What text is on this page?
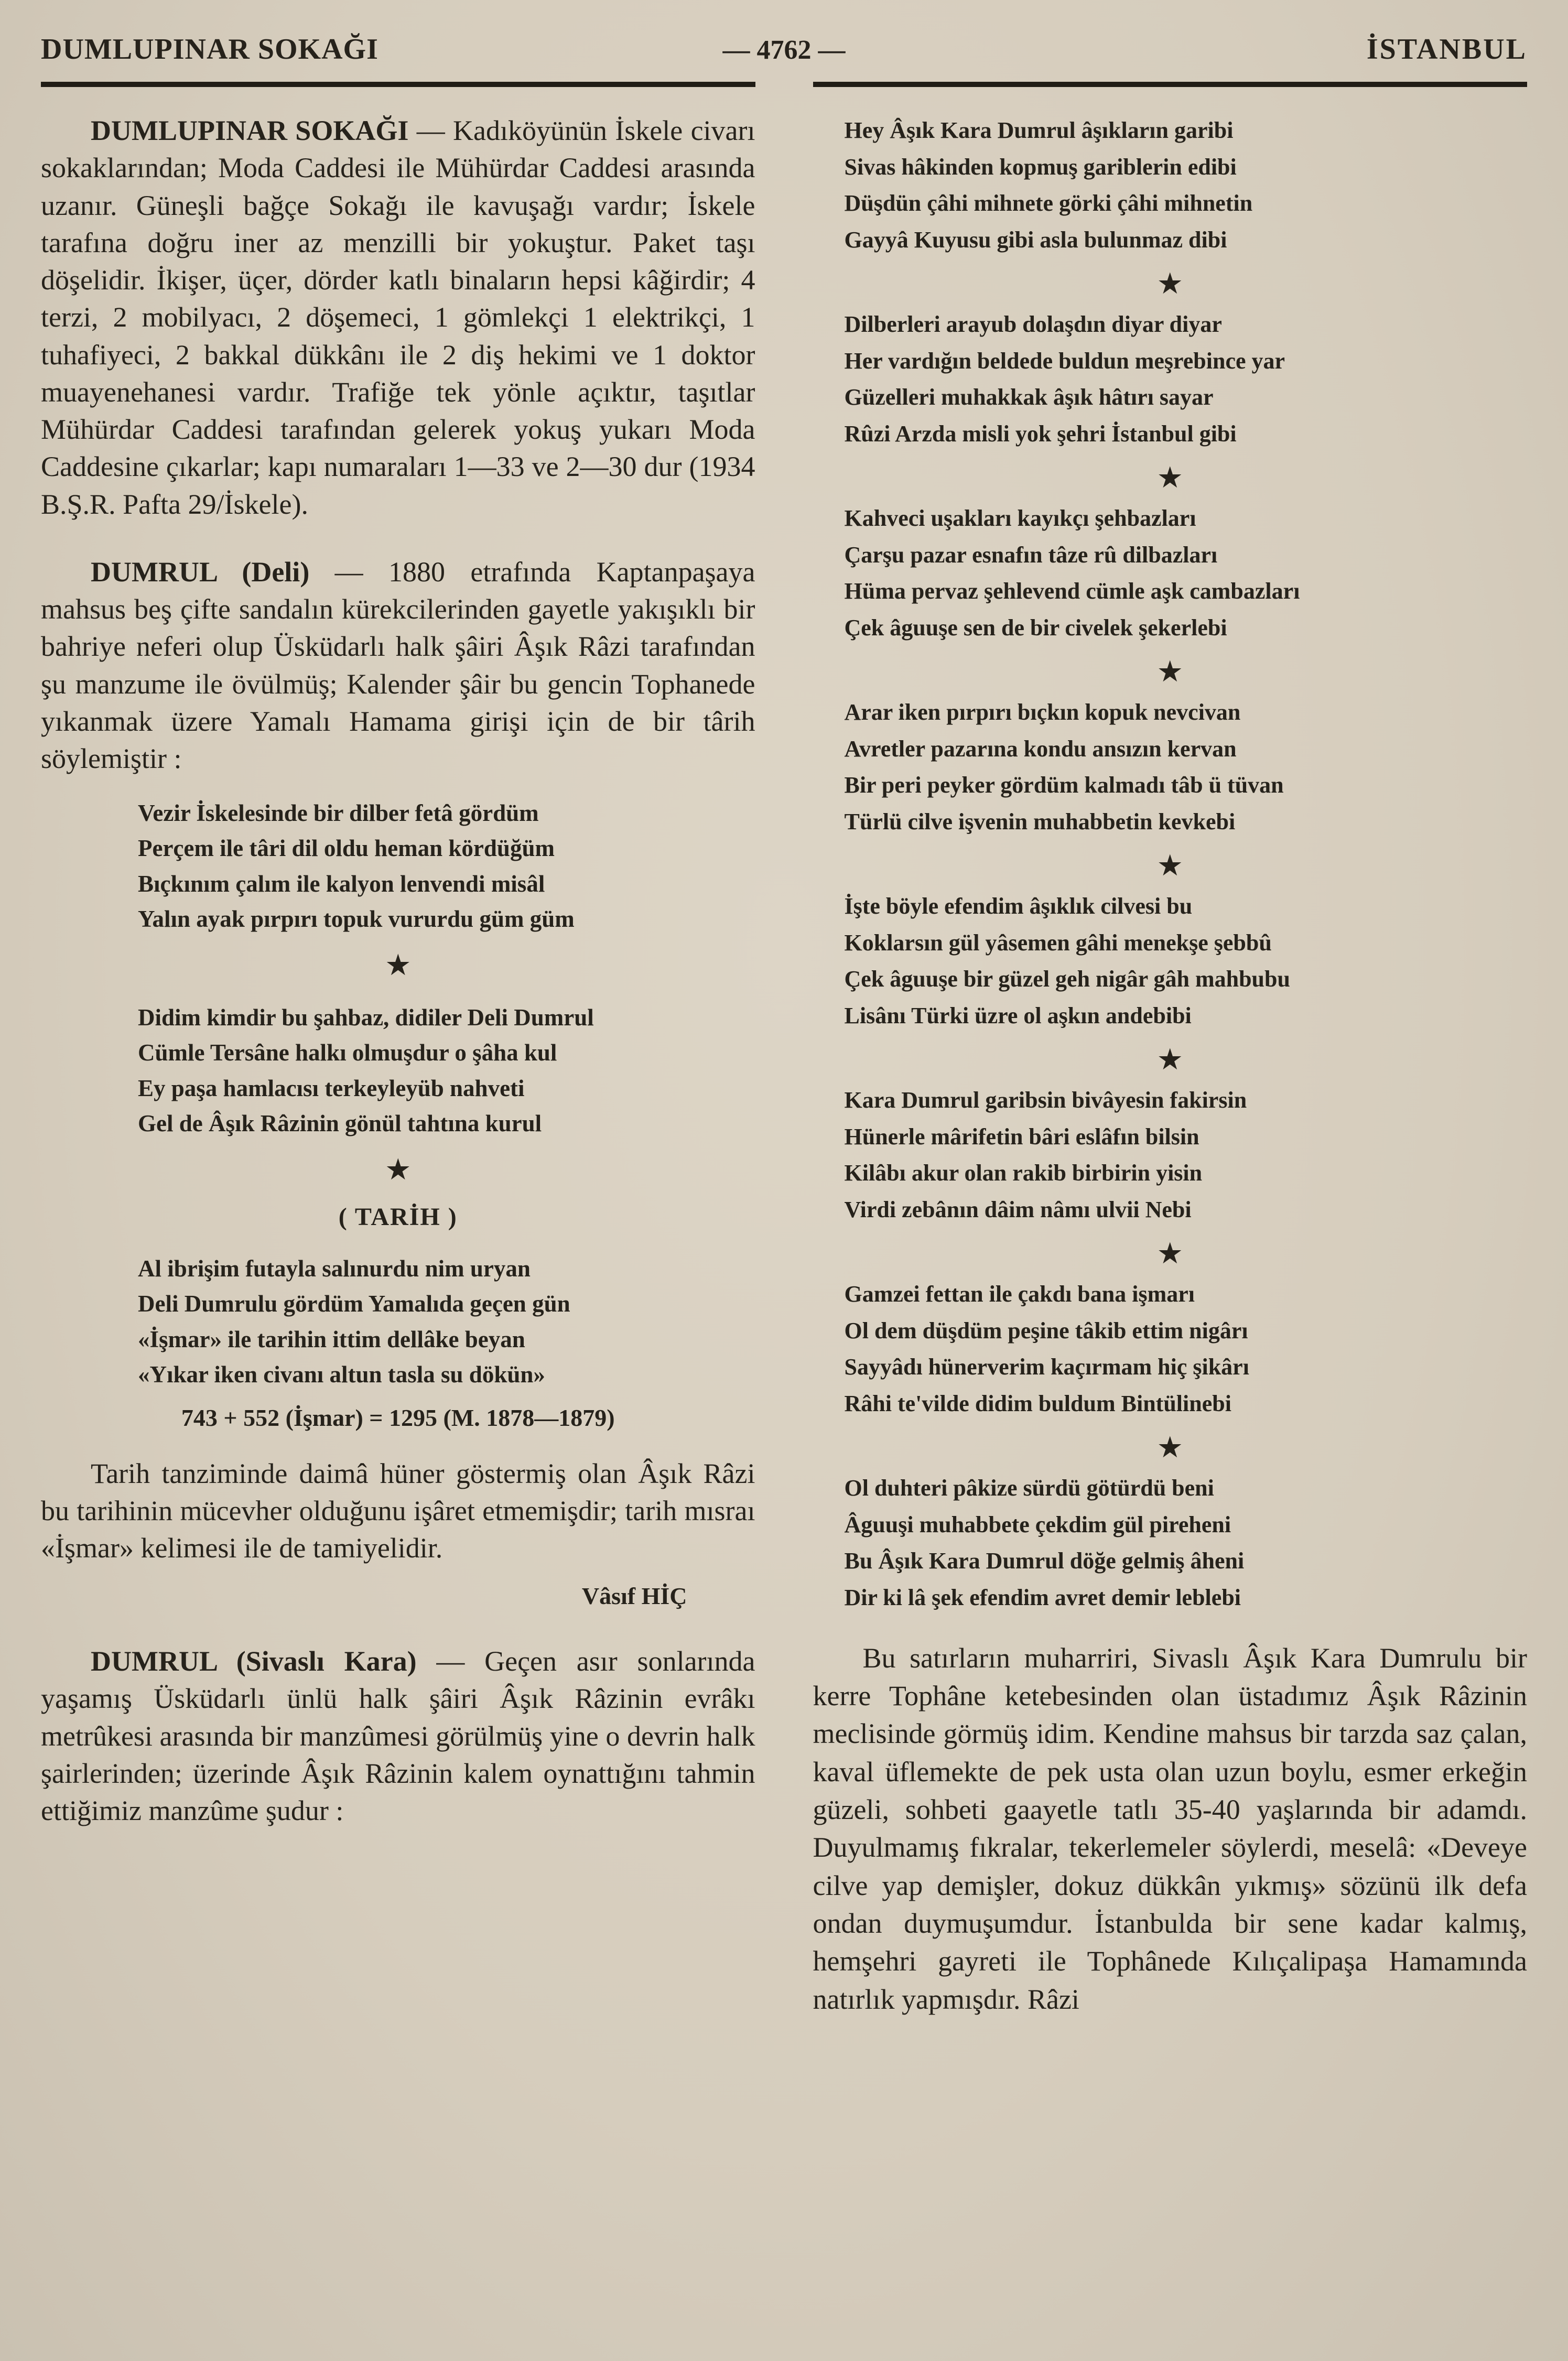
DUMLUPINAR SOKAĞI	— 4762 —	İSTANBUL

DUMLUPINAR SOKAĞI — Kadıköyünün İskele civarı sokaklarından; Moda Caddesi ile Mühürdar Caddesi arasında uzanır. Güneşli bağçe Sokağı ile kavuşağı vardır; İskele tarafına doğru iner az menzilli bir yokuştur. Paket taşı döşelidir. İkişer, üçer, dörder katlı binaların hepsi kâğirdir; 4 terzi, 2 mobilyacı, 2 döşemeci, 1 gömlekçi 1 elektrikçi, 1 tuhafiyeci, 2 bakkal dükkânı ile 2 diş hekimi ve 1 doktor muayenehanesi vardır. Trafiğe tek yönle açıktır, taşıtlar Mühürdar Caddesi tarafından gelerek yokuş yukarı Moda Caddesine çıkarlar; kapı numaraları 1—33 ve 2—30 dur (1934 B.Ş.R. Pafta 29/İskele).

DUMRUL (Deli) — 1880 etrafında Kaptanpaşaya mahsus beş çifte sandalın kürekcilerinden gayetle yakışıklı bir bahriye neferi olup Üsküdarlı halk şâiri Âşık Râzi tarafından şu manzume ile övülmüş; Kalender şâir bu gencin Tophanede yıkanmak üzere Yamalı Hamama girişi için de bir târih söylemiştir :

Vezir İskelesinde bir dilber fetâ gördüm
Perçem ile târi dil oldu heman kördüğüm
Bıçkınım çalım ile kalyon lenvendi misâl
Yalın ayak pırpırı topuk vururdu güm güm
★
Didim kimdir bu şahbaz, didiler Deli Dumrul
Cümle Tersâne halkı olmuşdur o şâha kul
Ey paşa hamlacısı terkeyleyüb nahveti
Gel de Âşık Râzinin gönül tahtına kurul
★
( TARİH )
Al ibrişim futayla salınurdu nim uryan
Deli Dumrulu gördüm Yamalıda geçen gün
«İşmar» ile tarihin ittim dellâke beyan
«Yıkar iken civanı altun tasla su dökün»
743 + 552 (İşmar) = 1295 (M. 1878—1879)

Tarih tanziminde daimâ hüner göstermiş olan Âşık Râzi bu tarihinin mücevher olduğunu işâret etmemişdir; tarih mısraı «İşmar» kelimesi ile de tamiyelidir.

Vâsıf HİÇ

DUMRUL (Sivaslı Kara) — Geçen asır sonlarında yaşamış Üsküdarlı ünlü halk şâiri Âşık Râzinin evrâkı metrûkesi arasında bir manzûmesi görülmüş yine o devrin halk şairlerinden; üzerinde Âşık Râzinin kalem oynattığını tahmin ettiğimiz manzûme şudur :

Hey Âşık Kara Dumrul âşıkların garibi
Sivas hâkinden kopmuş gariblerin edibi
Düşdün çâhi mihnete görki çâhi mihnetin
Gayyâ Kuyusu gibi asla bulunmaz dibi
★
Dilberleri arayub dolaşdın diyar diyar
Her vardığın beldede buldun meşrebince yar
Güzelleri muhakkak âşık hâtırı sayar
Rûzi Arzda misli yok şehri İstanbul gibi
★
Kahveci uşakları kayıkçı şehbazları
Çarşu pazar esnafın tâze rû dilbazları
Hüma pervaz şehlevend cümle aşk cambazları
Çek âguuşe sen de bir civelek şekerlebi
★
Arar iken pırpırı bıçkın kopuk nevcivan
Avretler pazarına kondu ansızın kervan
Bir peri peyker gördüm kalmadı tâb ü tüvan
Türlü cilve işvenin muhabbetin kevkebi
★
İşte böyle efendim âşıklık cilvesi bu
Koklarsın gül yâsemen gâhi menekşe şebbû
Çek âguuşe bir güzel geh nigâr gâh mahbubu
Lisânı Türki üzre ol aşkın andebibi
★
Kara Dumrul garibsin bivâyesin fakirsin
Hünerle mârifetin bâri eslâfın bilsin
Kilâbı akur olan rakib birbirin yisin
Virdi zebânın dâim nâmı ulvii Nebi
★
Gamzei fettan ile çakdı bana işmarı
Ol dem düşdüm peşine tâkib ettim nigârı
Sayyâdı hünerverim kaçırmam hiç şikârı
Râhi te'vilde didim buldum Bintülinebi
★
Ol duhteri pâkize sürdü götürdü beni
Âguuşi muhabbete çekdim gül pireheni
Bu Âşık Kara Dumrul döğe gelmiş âheni
Dir ki lâ şek efendim avret demir leblebi

Bu satırların muharriri, Sivaslı Âşık Kara Dumrulu bir kerre Tophâne ketebesinden olan üstadımız Âşık Râzinin meclisinde görmüş idim. Kendine mahsus bir tarzda saz çalan, kaval üflemekte de pek usta olan uzun boylu, esmer erkeğin güzeli, sohbeti gaayetle tatlı 35-40 yaşlarında bir adamdı. Duyulmamış fıkralar, tekerlemeler söylerdi, meselâ: «Deveye cilve yap demişler, dokuz dükkân yıkmış» sözünü ilk defa ondan duymuşumdur. İstanbulda bir sene kadar kalmış, hemşehri gayreti ile Tophânede Kılıçalipaşa Hamamında natırlık yapmışdır. Râzi
